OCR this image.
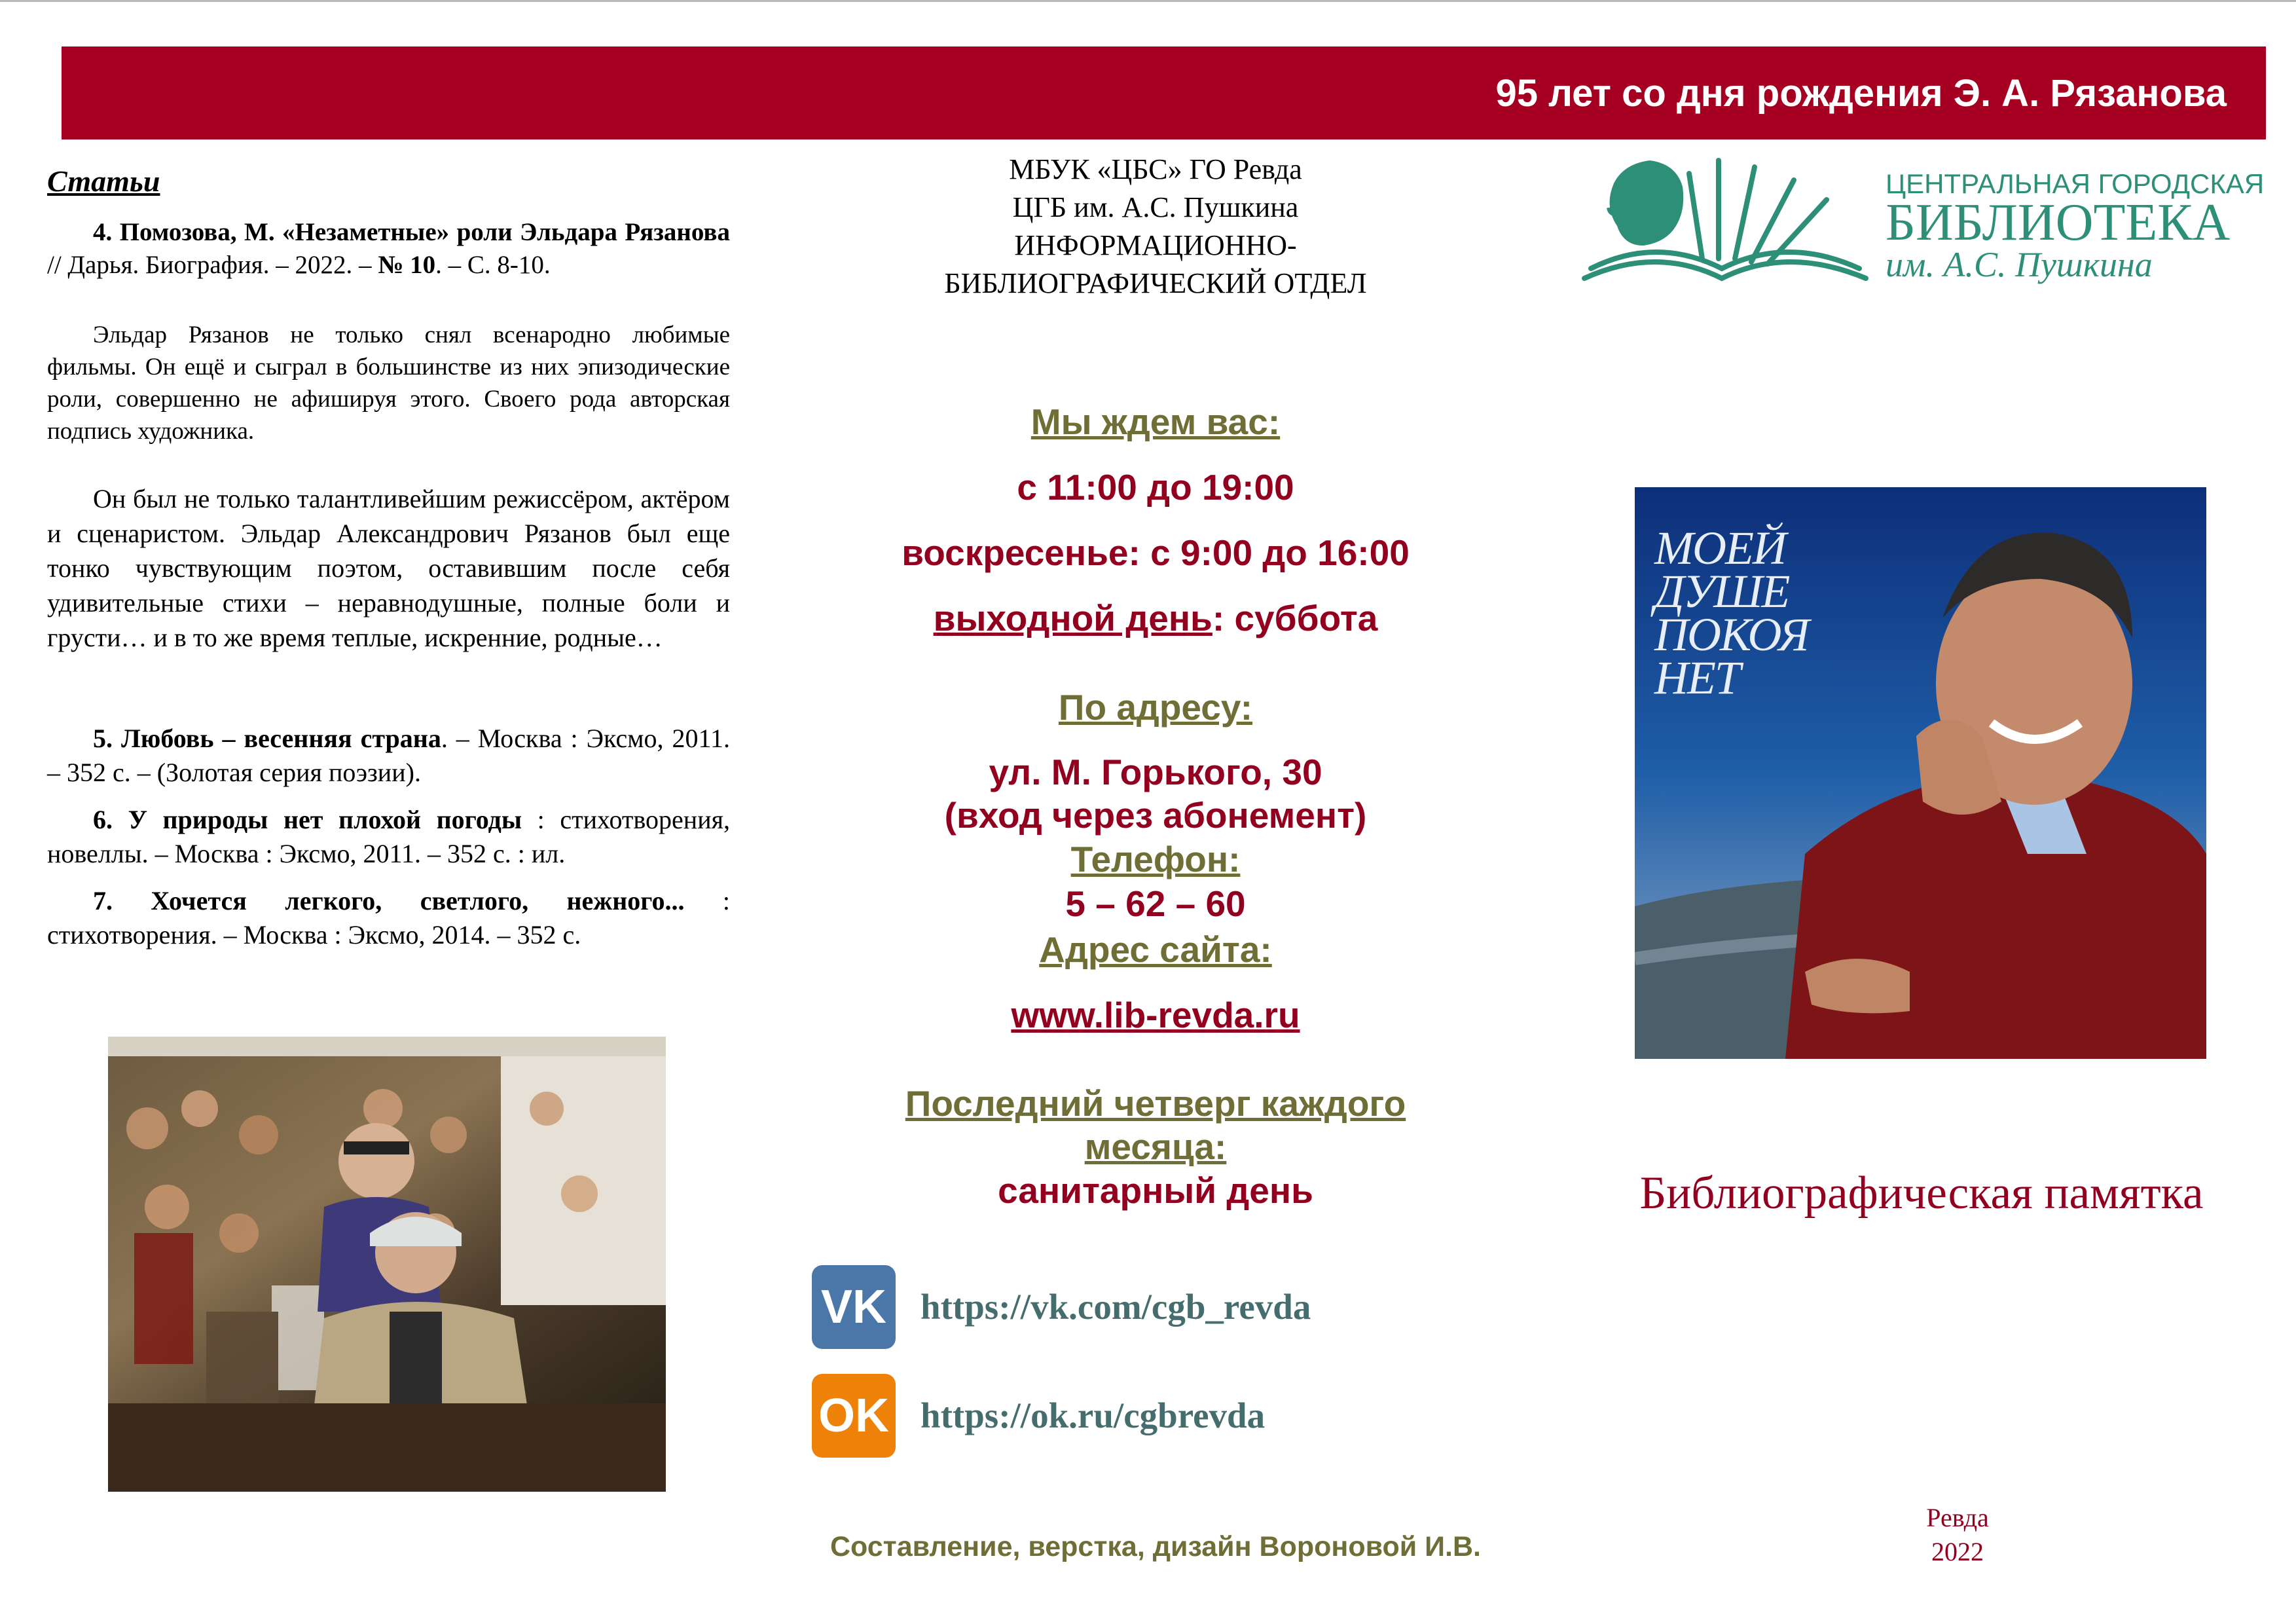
95 лет со дня рождения Э. А. Рязанова
Статьи
4. Помозова, М. «Незаметные» роли Эльдара Рязанова // Дарья. Биография. – 2022. – № 10. – С. 8-10.
Эльдар Рязанов не только снял всенародно любимые фильмы. Он ещё и сыграл в большинстве из них эпизодические роли, совершенно не афишируя этого. Своего рода авторская подпись художника.
Он был не только талантливейшим режиссёром, актёром и сценаристом. Эльдар Александрович Рязанов был еще тонко чувствующим поэтом, оставившим после себя удивительные стихи – неравнодушные, полные боли и грусти… и в то же время теплые, искренние, родные…
5. Любовь – весенняя страна. – Москва : Эксмо, 2011. – 352 с. – (Золотая серия поэзии).
6. У природы нет плохой погоды : стихотворения, новеллы. – Москва : Эксмо, 2011. – 352 с. : ил.
7. Хочется легкого, светлого, нежного... : стихотворения. – Москва : Эксмо, 2014. – 352 с.
МБУК «ЦБС» ГО Ревда
ЦГБ им. А.С. Пушкина
ИНФОРМАЦИОННО-
БИБЛИОГРАФИЧЕСКИЙ ОТДЕЛ
Мы ждем вас:
с 11:00 до 19:00
воскресенье: с 9:00 до 16:00
выходной день: суббота
По адресу:
ул. М. Горького, 30
(вход через абонемент)
Телефон:
5 – 62 – 60
Адрес сайта:
www.lib-revda.ru
Последний четверг каждого
месяца:
санитарный день
VK https://vk.com/cgb_revda
OK https://ok.ru/cgbrevda
Составление, верстка, дизайн Вороновой И.В.
ЦЕНТРАЛЬНАЯ ГОРОДСКАЯ
БИБЛИОТЕКА
им. А.С. Пушкина
МОЕЙ ДУШЕ ПОКОЯ НЕТ
Библиографическая памятка
Ревда
2022
